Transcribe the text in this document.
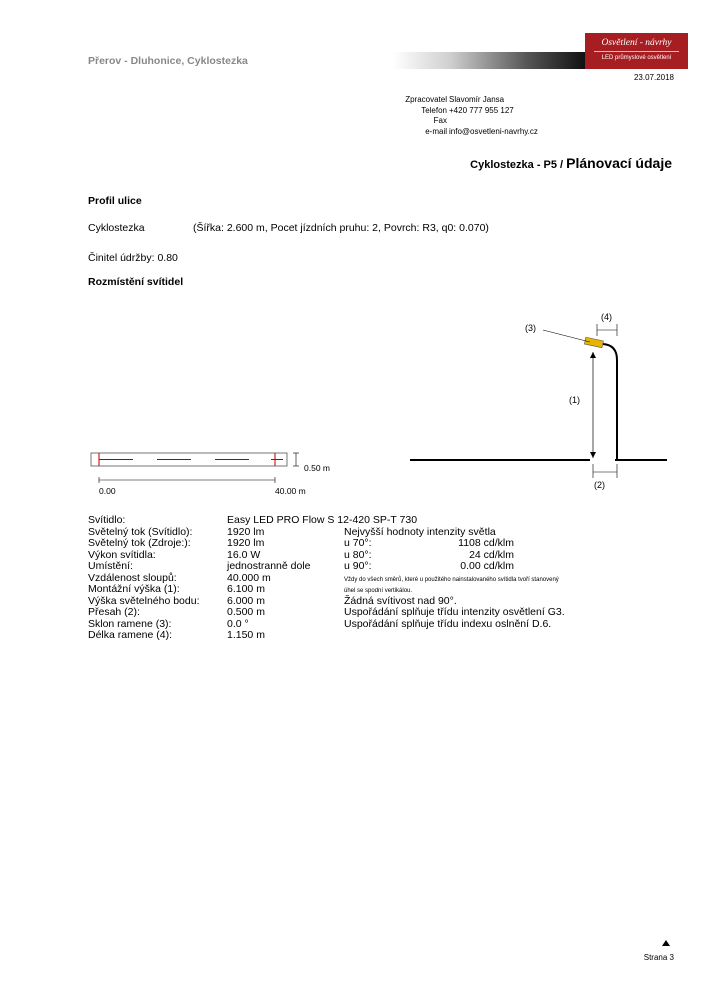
Přerov - Dluhonice, Cyklostezka
Osvětlení - návrhy
LED průmyslové osvětlení
23.07.2018
Zpracovatel
Telefon
Fax
e-mail
Slavomír Jansa
+420 777 955 127

info@osvetleni-navrhy.cz
Cyklostezka - P5 / Plánovací údaje
Profil ulice
Cyklostezka	(Šířka: 2.600 m, Pocet jízdních pruhu: 2, Povrch: R3, q0: 0.070)
Činitel údržby: 0.80
Rozmístění svítidel
0.50 m
0.00	40.00 m
(3)
(4)
(1)
(2)
Svítidlo:
Světelný tok (Svítidlo):
Světelný tok (Zdroje:):
Výkon svítidla:
Umístění:
Vzdálenost sloupů:
Montážní výška (1):
Výška světelného bodu:
Přesah (2):
Sklon ramene (3):
Délka ramene (4):
Easy LED PRO Flow S 12-420 SP-T 730
1920 lm
1920 lm
16.0 W
jednostranně dole
40.000 m
6.100 m
6.000 m
0.500 m
0.0 °
1.150 m

Nejvyšší hodnoty intenzity světla
u 70°:
u 80°:
u 90°:
Vždy do všech směrů, které u použitého nainstalovaného svítidla tvoří stanovený
úhel se spodní vertikálou.
Žádná svítivost nad 90°.
Uspořádání splňuje třídu intenzity osvětlení G3.
Uspořádání splňuje třídu indexu oslnění D.6.

1108 cd/klm
24 cd/klm
0.00 cd/klm
Strana 3
